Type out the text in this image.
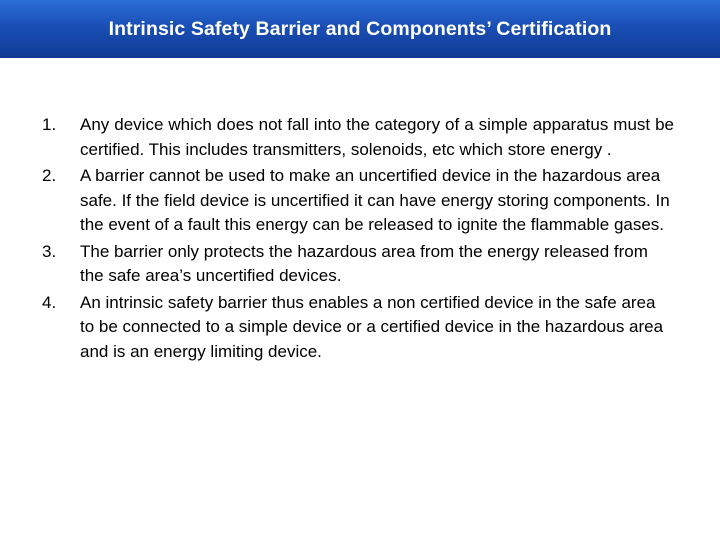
Intrinsic Safety Barrier and Components’ Certification
1.	Any device which does not fall into the category of a simple apparatus must be certified. This includes transmitters, solenoids, etc which store energy .
2.	A barrier cannot be used to make an uncertified device in the hazardous area safe. If the field device is uncertified it can have energy storing components. In the event of a fault this energy can be released to ignite the flammable gases.
3.	The barrier only protects the hazardous area from the energy released from the safe area’s uncertified devices.
4.	An intrinsic safety barrier thus enables a non certified device in the safe area to be connected to a simple device or a certified device in the hazardous area and is an energy limiting device.
